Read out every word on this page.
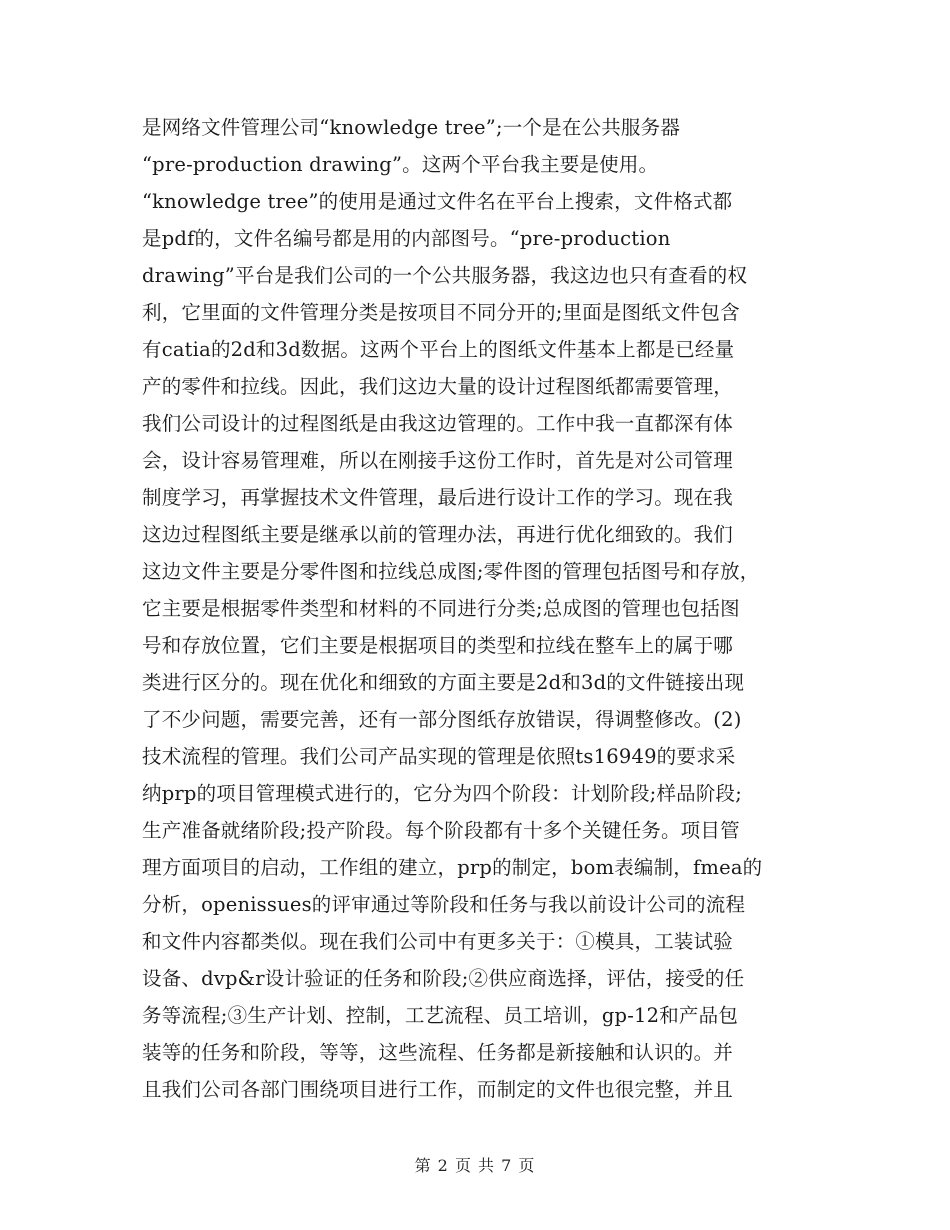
是网络文件管理公司“knowledge tree”;一个是在公共服务器
“pre-production drawing”。这两个平台我主要是使用。
“knowledge tree”的使用是通过文件名在平台上搜索，文件格式都
是pdf的，文件名编号都是用的内部图号。“pre-production
drawing”平台是我们公司的一个公共服务器，我这边也只有查看的权
利，它里面的文件管理分类是按项目不同分开的;里面是图纸文件包含
有catia的2d和3d数据。这两个平台上的图纸文件基本上都是已经量
产的零件和拉线。因此，我们这边大量的设计过程图纸都需要管理，
我们公司设计的过程图纸是由我这边管理的。工作中我一直都深有体
会，设计容易管理难，所以在刚接手这份工作时，首先是对公司管理
制度学习，再掌握技术文件管理，最后进行设计工作的学习。现在我
这边过程图纸主要是继承以前的管理办法，再进行优化细致的。我们
这边文件主要是分零件图和拉线总成图;零件图的管理包括图号和存放，
它主要是根据零件类型和材料的不同进行分类;总成图的管理也包括图
号和存放位置，它们主要是根据项目的类型和拉线在整车上的属于哪
类进行区分的。现在优化和细致的方面主要是2d和3d的文件链接出现
了不少问题，需要完善，还有一部分图纸存放错误，得调整修改。(2)
技术流程的管理。我们公司产品实现的管理是依照ts16949的要求采
纳prp的项目管理模式进行的，它分为四个阶段：计划阶段;样品阶段;
生产准备就绪阶段;投产阶段。每个阶段都有十多个关键任务。项目管
理方面项目的启动，工作组的建立，prp的制定，bom表编制，fmea的
分析，openissues的评审通过等阶段和任务与我以前设计公司的流程
和文件内容都类似。现在我们公司中有更多关于：①模具，工装试验
设备、dvp&r设计验证的任务和阶段;②供应商选择，评估，接受的任
务等流程;③生产计划、控制，工艺流程、员工培训，gp-12和产品包
装等的任务和阶段，等等，这些流程、任务都是新接触和认识的。并
且我们公司各部门围绕项目进行工作，而制定的文件也很完整，并且
第 2 页 共 7 页
